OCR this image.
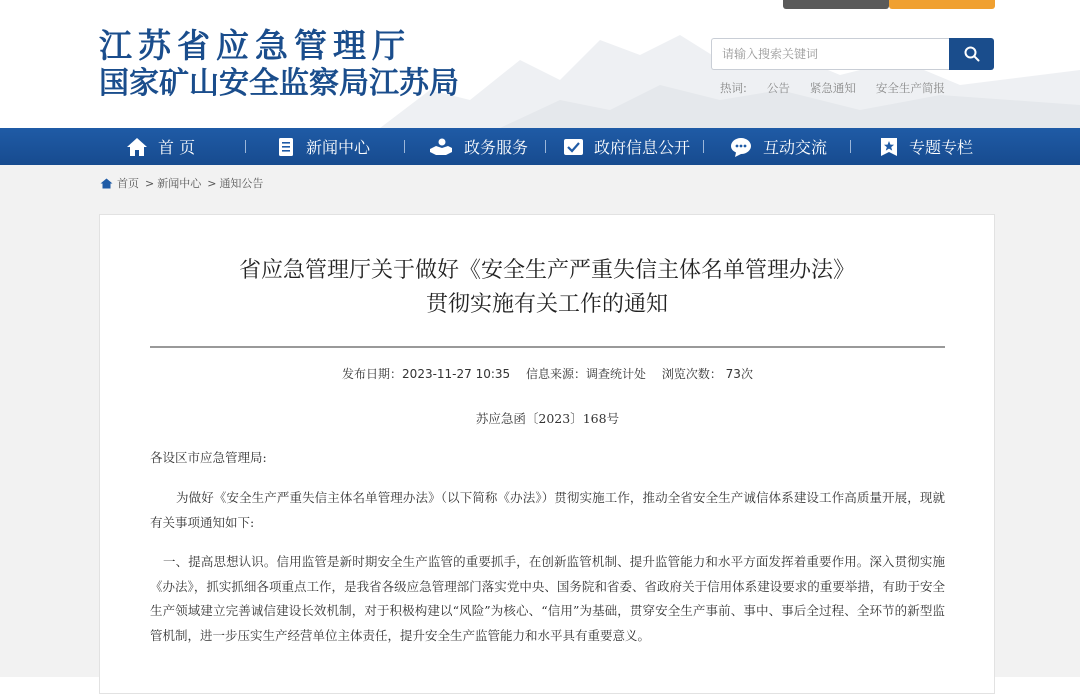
江苏省应急管理厅
国家矿山安全监察局江苏局
请输入搜索关键词	热词: 公告 紧急通知 安全生产简报
首 页	新闻中心	政务服务	政府信息公开	互动交流	专题专栏
首页 > 新闻中心 > 通知公告
省应急管理厅关于做好《安全生产严重失信主体名单管理办法》
贯彻实施有关工作的通知
发布日期：2023-11-27 10:35 信息来源：调查统计处 浏览次数： 73次
苏应急函〔2023〕168号
各设区市应急管理局:
为做好《安全生产严重失信主体名单管理办法》（以下简称《办法》）贯彻实施工作，推动全省安全生产诚信体系建设工作高质量开展，现就有关事项通知如下:
一、提高思想认识。信用监管是新时期安全生产监管的重要抓手，在创新监管机制、提升监管能力和水平方面发挥着重要作用。深入贯彻实施《办法》，抓实抓细各项重点工作，是我省各级应急管理部门落实党中央、国务院和省委、省政府关于信用体系建设要求的重要举措，有助于安全生产领域建立完善诚信建设长效机制，对于积极构建以“风险”为核心、“信用”为基础，贯穿安全生产事前、事中、事后全过程、全环节的新型监管机制，进一步压实生产经营单位主体责任，提升安全生产监管能力和水平具有重要意义。
